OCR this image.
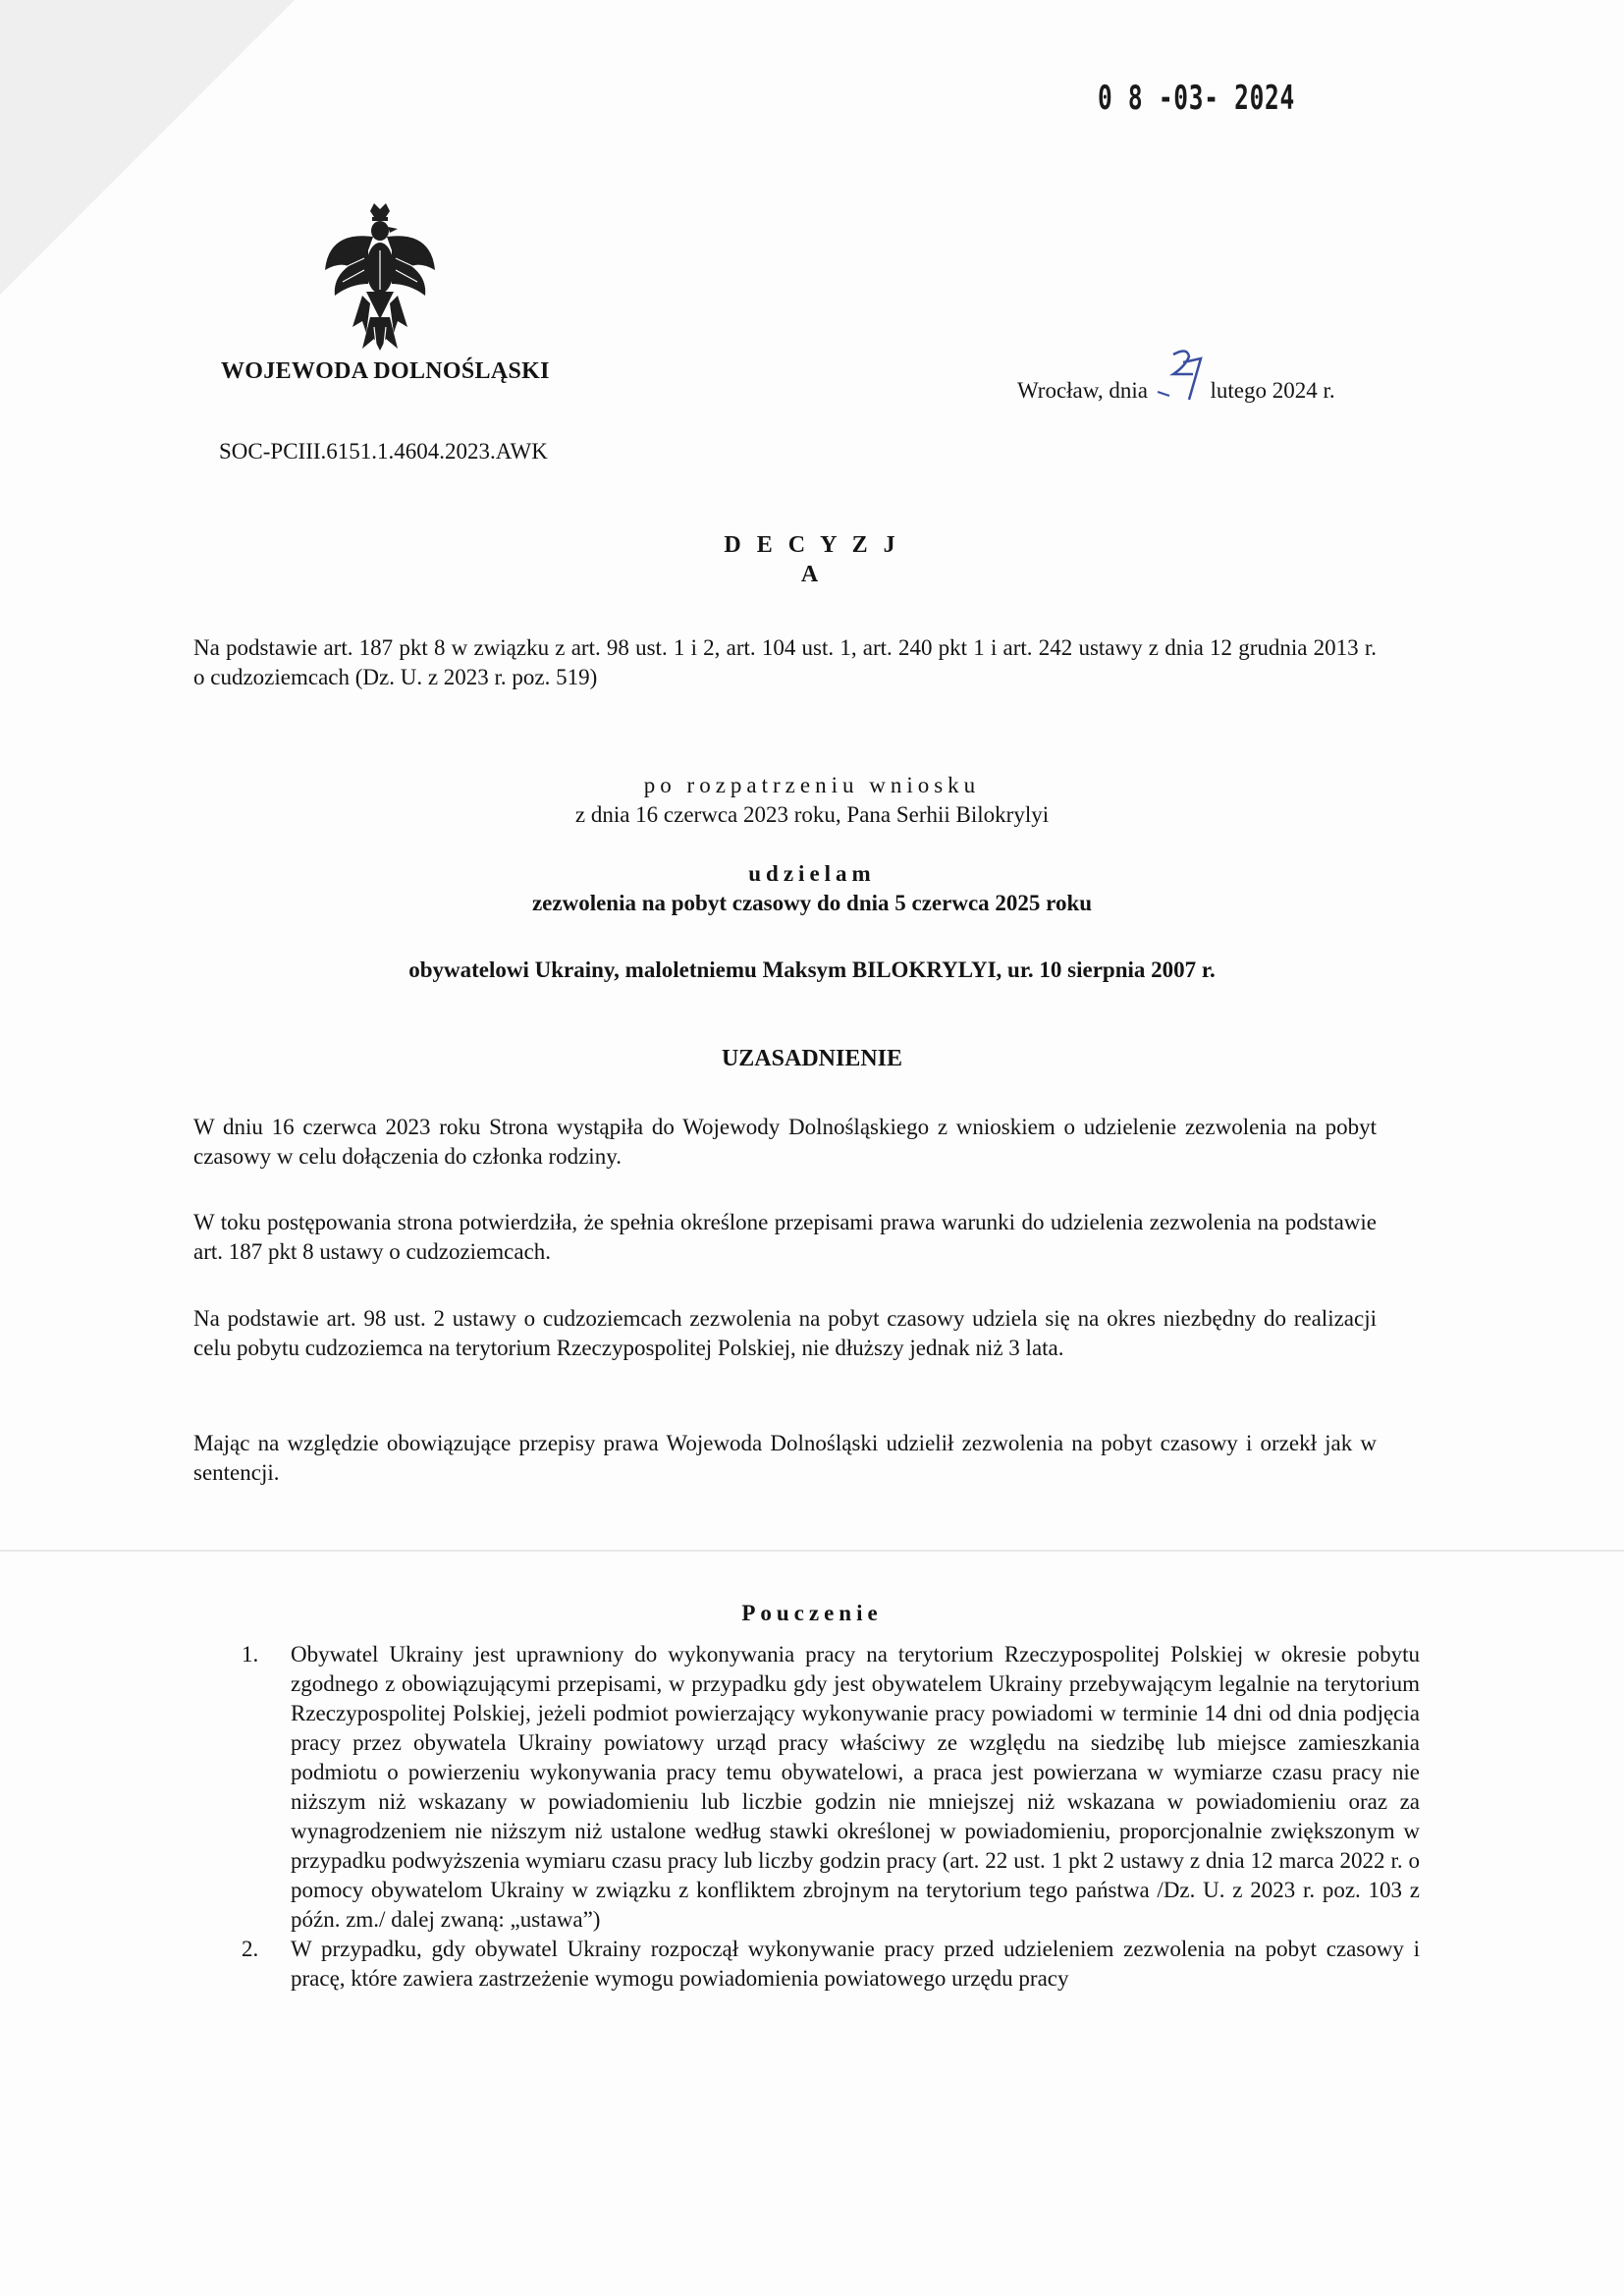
0 8 -03- 2024
WOJEWODA DOLNOŚLĄSKI
Wrocław, dnia	lutego 2024 r.
SOC-PCIII.6151.1.4604.2023.AWK
D E C Y Z J A
Na podstawie art. 187 pkt 8 w związku z art. 98 ust. 1 i 2, art. 104 ust. 1, art. 240 pkt 1 i art. 242 ustawy z dnia 12 grudnia 2013 r. o cudzoziemcach (Dz. U. z 2023 r. poz. 519)
po rozpatrzeniu wniosku
z dnia 16 czerwca 2023 roku, Pana Serhii Bilokrylyi
udzielam
zezwolenia na pobyt czasowy do dnia 5 czerwca 2025 roku
obywatelowi Ukrainy, maloletniemu Maksym BILOKRYLYI, ur. 10 sierpnia 2007 r.
UZASADNIENIE
W dniu 16 czerwca 2023 roku Strona wystąpiła do Wojewody Dolnośląskiego z wnioskiem o udzielenie zezwolenia na pobyt czasowy w celu dołączenia do członka rodziny.
W toku postępowania strona potwierdziła, że spełnia określone przepisami prawa warunki do udzielenia zezwolenia na podstawie art. 187 pkt 8 ustawy o cudzoziemcach.
Na podstawie art. 98 ust. 2 ustawy o cudzoziemcach zezwolenia na pobyt czasowy udziela się na okres niezbędny do realizacji celu pobytu cudzoziemca na terytorium Rzeczypospolitej Polskiej, nie dłuższy jednak niż 3 lata.
Mając na względzie obowiązujące przepisy prawa Wojewoda Dolnośląski udzielił zezwolenia na pobyt czasowy i orzekł jak w sentencji.
Pouczenie
1. Obywatel Ukrainy jest uprawniony do wykonywania pracy na terytorium Rzeczypospolitej Polskiej w okresie pobytu zgodnego z obowiązującymi przepisami, w przypadku gdy jest obywatelem Ukrainy przebywającym legalnie na terytorium Rzeczypospolitej Polskiej, jeżeli podmiot powierzający wykonywanie pracy powiadomi w terminie 14 dni od dnia podjęcia pracy przez obywatela Ukrainy powiatowy urząd pracy właściwy ze względu na siedzibę lub miejsce zamieszkania podmiotu o powierzeniu wykonywania pracy temu obywatelowi, a praca jest powierzana w wymiarze czasu pracy nie niższym niż wskazany w powiadomieniu lub liczbie godzin nie mniejszej niż wskazana w powiadomieniu oraz za wynagrodzeniem nie niższym niż ustalone według stawki określonej w powiadomieniu, proporcjonalnie zwiększonym w przypadku podwyższenia wymiaru czasu pracy lub liczby godzin pracy (art. 22 ust. 1 pkt 2 ustawy z dnia 12 marca 2022 r. o pomocy obywatelom Ukrainy w związku z konfliktem zbrojnym na terytorium tego państwa /Dz. U. z 2023 r. poz. 103 z późn. zm./ dalej zwaną: „ustawa”)
2. W przypadku, gdy obywatel Ukrainy rozpoczął wykonywanie pracy przed udzieleniem zezwolenia na pobyt czasowy i pracę, które zawiera zastrzeżenie wymogu powiadomienia powiatowego urzędu pracy
